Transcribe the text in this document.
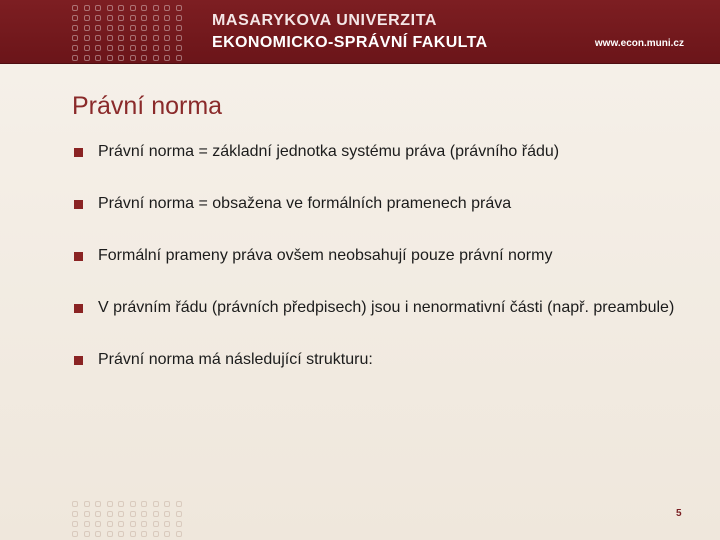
MASARYKOVA UNIVERZITA
EKONOMICKO-SPRÁVNÍ FAKULTA	www.econ.muni.cz
Právní norma
Právní norma = základní jednotka systému práva (právního řádu)
Právní norma = obsažena ve formálních pramenech práva
Formální prameny práva ovšem neobsahují pouze právní normy
V právním řádu (právních předpisech) jsou i nenormativní části (např. preambule)
Právní norma má následující strukturu:
5
